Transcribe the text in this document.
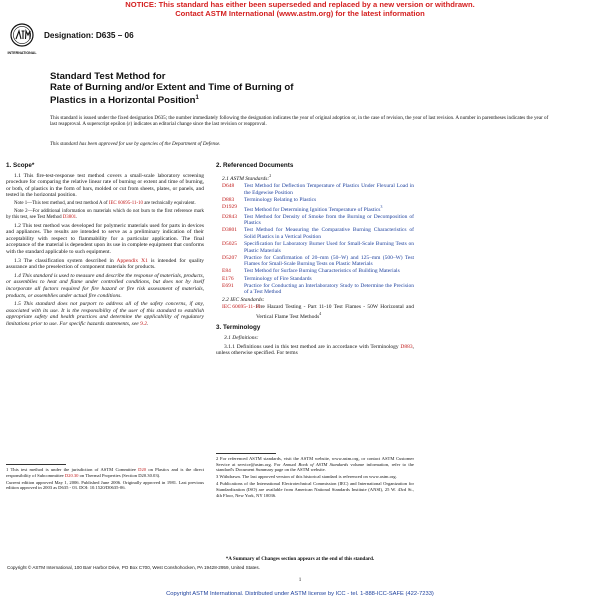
NOTICE: This standard has either been superseded and replaced by a new version or withdrawn.
Contact ASTM International (www.astm.org) for the latest information
INTERNATIONAL
Designation: D635 – 06
Standard Test Method for
Rate of Burning and/or Extent and Time of Burning of
Plastics in a Horizontal Position$^1$
This standard is issued under the fixed designation D635; the number immediately following the designation indicates the year of original adoption or, in the case of revision, the year of last revision. A number in parentheses indicates the year of last reapproval. A superscript epsilon (ε) indicates an editorial change since the last revision or reapproval.
This standard has been approved for use by agencies of the Department of Defense.
1. Scope*

1.1 This fire-test-response test method covers a small-scale laboratory screening procedure for comparing the relative linear rate of burning or extent and time of burning, or both, of plastics in the form of bars, molded or cut from sheets, plates, or panels, and tested in the horizontal position.

Note 1—This test method, and test method A of IEC 60695-11-10 are technically equivalent.

Note 2—For additional information on materials which do not burn to the first reference mark by this test, see Test Method D3801.

1.2 This test method was developed for polymeric materials used for parts in devices and appliances. The results are intended to serve as a preliminary indication of their acceptability with respect to flammability for a particular application. The final acceptance of the material is dependent upon its use in complete equipment that conforms with the standard applicable to such equipment.

1.3 The classification system described in Appendix X1 is intended for quality assurance and the preselection of component materials for products.

1.4 This standard is used to measure and describe the response of materials, products, or assemblies to heat and flame under controlled conditions, but does not by itself incorporate all factors required for fire hazard or fire risk assessment of materials, products, or assemblies under actual fire conditions.

1.5 This standard does not purport to address all of the safety concerns, if any, associated with its use. It is the responsibility of the user of this standard to establish appropriate safety and health practices and determine the applicability of regulatory limitations prior to use. For specific hazards statements, see 9.2.

1 This test method is under the jurisdiction of ASTM Committee D20 on Plastics and is the direct responsibility of Subcommittee D20.30 on Thermal Properties (Section D20.30.03).

Current edition approved May 1, 2006. Published June 2006. Originally approved in 1981. Last previous edition approved in 2003 as D635 - 03. DOI: 10.1520/D0635-06.

2. Referenced Documents
2.1 ASTM Standards:$^2$
D648 Test Method for Deflection Temperature of Plastics Under Flexural Load in the Edgewise Position
D883 Terminology Relating to Plastics
D1929 Test Method for Determining Ignition Temperature of Plastics$^3$
D2843 Test Method for Density of Smoke from the Burning or Decomposition of Plastics
D3801 Test Method for Measuring the Comparative Burning Characteristics of Solid Plastics in a Vertical Position
D5025 Specification for Laboratory Burner Used for Small-Scale Burning Tests on Plastic Materials
D5207 Practice for Confirmation of 20–mm (50–W) and 125–mm (500–W) Test Flames for Small-Scale Burning Tests on Plastic Materials
E84 Test Method for Surface Burning Characteristics of Building Materials
E176 Terminology of Fire Standards
E691 Practice for Conducting an Interlaboratory Study to Determine the Precision of a Test Method
2.2 IEC Standards:
IEC 60695-11-10
Fire Hazard Testing - Part 11-10 Test Flames - 50W Horizontal and Vertical Flame Test Methods$^4$
3. Terminology

3.1 Definitions:

3.1.1 Definitions used in this test method are in accordance with Terminology D883, unless otherwise specified. For terms

2 For referenced ASTM standards, visit the ASTM website, www.astm.org, or contact ASTM Customer Service at service@astm.org. For Annual Book of ASTM Standards volume information, refer to the standard's Document Summary page on the ASTM website.

3 Withdrawn. The last approved version of this historical standard is referenced on www.astm.org.

4 Publications of the International Electrotechnical Commission (IEC) and International Organization for Standardization (ISO) are available from American National Standards Institute (ANSI), 25 W. 43rd St., 4th Floor, New York, NY 10036.

*A Summary of Changes section appears at the end of this standard.
Copyright © ASTM International, 100 Barr Harbor Drive, PO Box C700, West Conshohocken, PA 19428-2959, United States.
1
Copyright ASTM International. Distributed under ASTM license by ICC - tel. 1-888-ICC-SAFE (422-7233)
